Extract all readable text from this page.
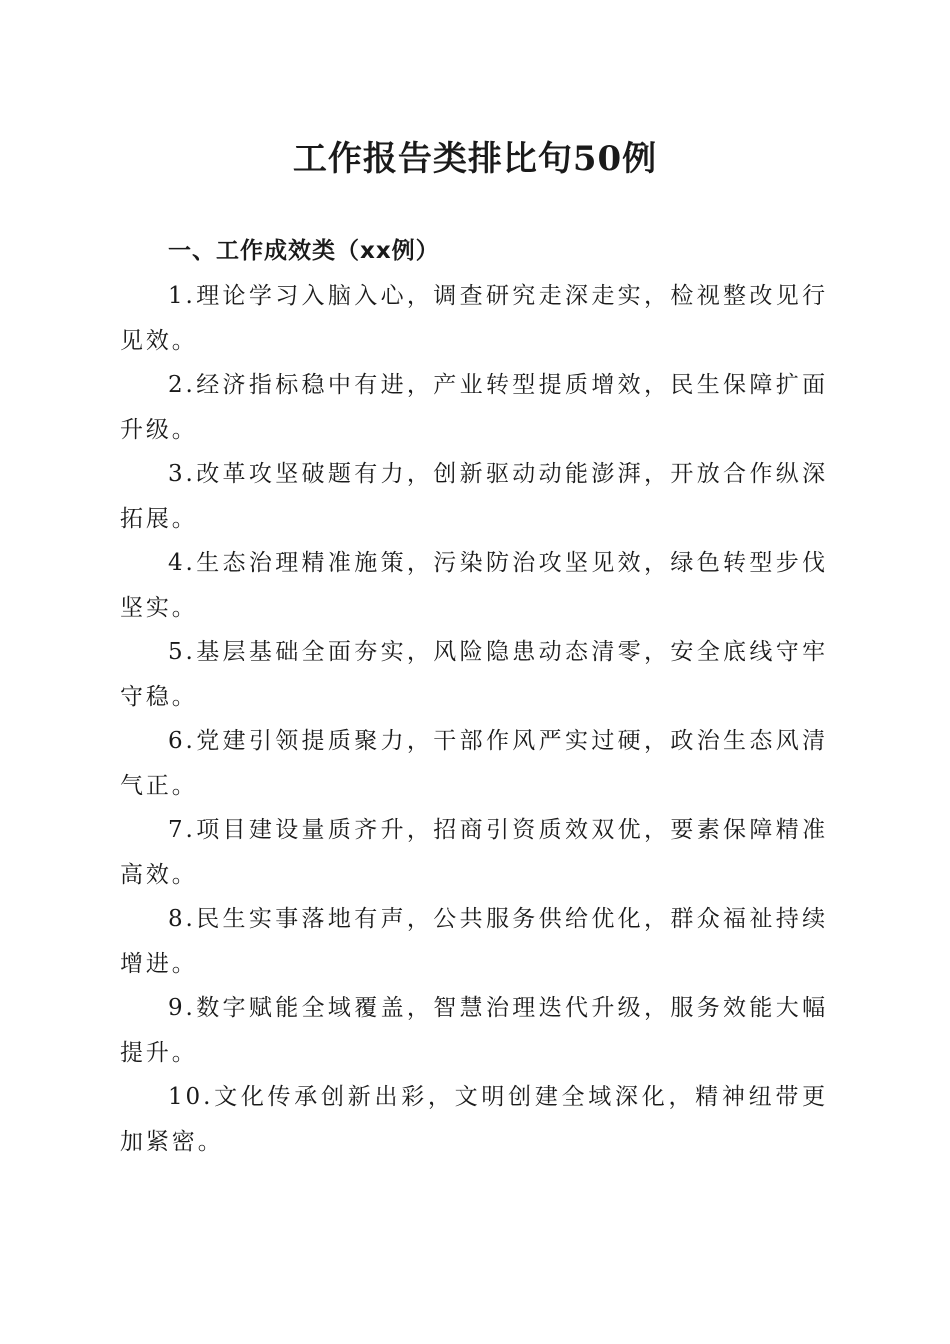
工作报告类排比句50例
一、工作成效类（xx例）
1.理论学习入脑入心，调查研究走深走实，检视整改见行见效。
2.经济指标稳中有进，产业转型提质增效，民生保障扩面升级。
3.改革攻坚破题有力，创新驱动动能澎湃，开放合作纵深拓展。
4.生态治理精准施策，污染防治攻坚见效，绿色转型步伐坚实。
5.基层基础全面夯实，风险隐患动态清零，安全底线守牢守稳。
6.党建引领提质聚力，干部作风严实过硬，政治生态风清气正。
7.项目建设量质齐升，招商引资质效双优，要素保障精准高效。
8.民生实事落地有声，公共服务供给优化，群众福祉持续增进。
9.数字赋能全域覆盖，智慧治理迭代升级，服务效能大幅提升。
10.文化传承创新出彩，文明创建全域深化，精神纽带更加紧密。
